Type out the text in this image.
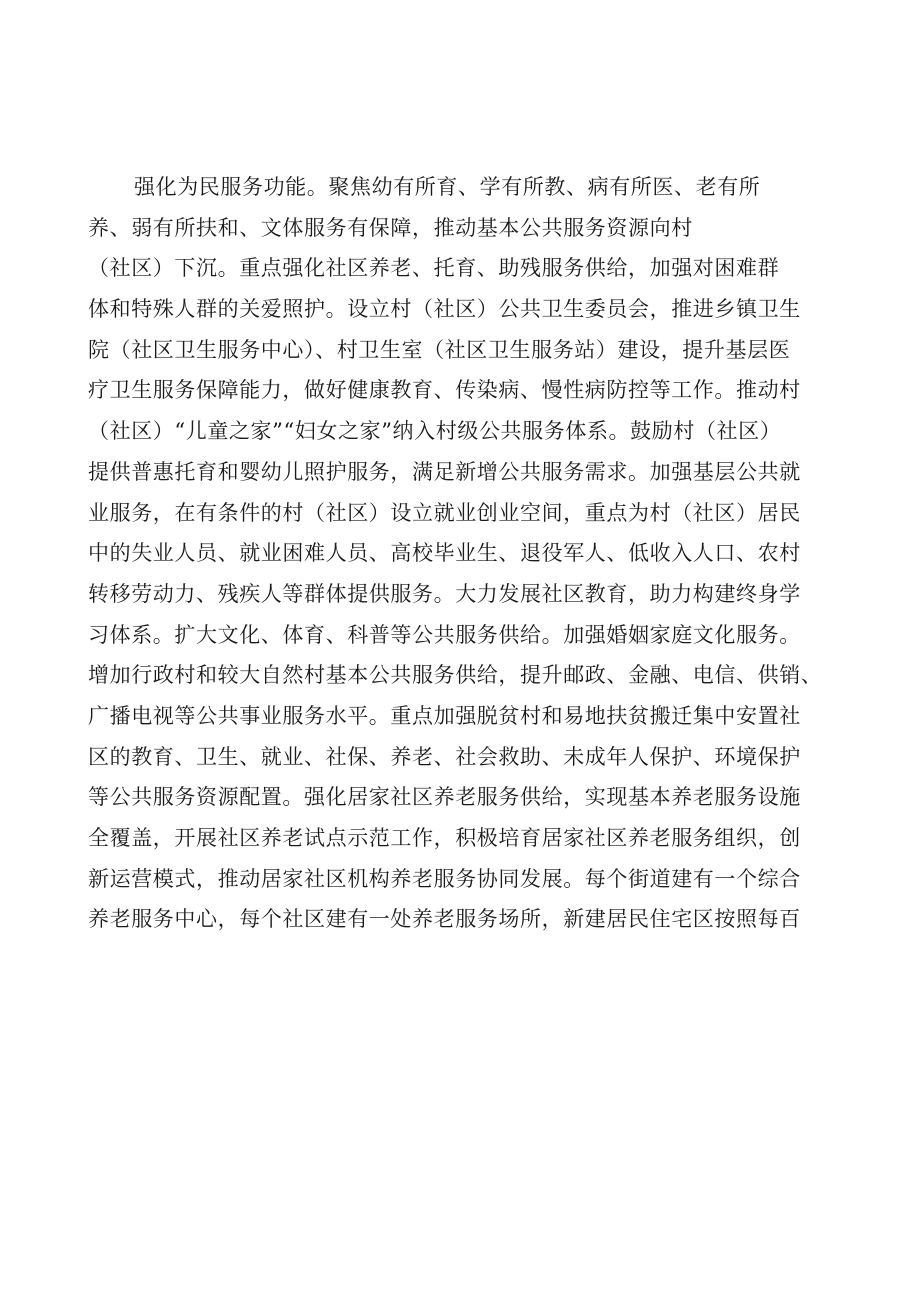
强化为民服务功能。聚焦幼有所育、学有所教、病有所医、老有所
养、弱有所扶和、文体服务有保障，推动基本公共服务资源向村
（社区）下沉。重点强化社区养老、托育、助残服务供给，加强对困难群
体和特殊人群的关爱照护。设立村（社区）公共卫生委员会，推进乡镇卫生
院（社区卫生服务中心）、村卫生室（社区卫生服务站）建设，提升基层医
疗卫生服务保障能力，做好健康教育、传染病、慢性病防控等工作。推动村
（社区）“儿童之家”“妇女之家”纳入村级公共服务体系。鼓励村（社区）
提供普惠托育和婴幼儿照护服务，满足新增公共服务需求。加强基层公共就
业服务，在有条件的村（社区）设立就业创业空间，重点为村（社区）居民
中的失业人员、就业困难人员、高校毕业生、退役军人、低收入人口、农村
转移劳动力、残疾人等群体提供服务。大力发展社区教育，助力构建终身学
习体系。扩大文化、体育、科普等公共服务供给。加强婚姻家庭文化服务。
增加行政村和较大自然村基本公共服务供给，提升邮政、金融、电信、供销、
广播电视等公共事业服务水平。重点加强脱贫村和易地扶贫搬迁集中安置社
区的教育、卫生、就业、社保、养老、社会救助、未成年人保护、环境保护
等公共服务资源配置。强化居家社区养老服务供给，实现基本养老服务设施
全覆盖，开展社区养老试点示范工作，积极培育居家社区养老服务组织，创
新运营模式，推动居家社区机构养老服务协同发展。每个街道建有一个综合
养老服务中心，每个社区建有一处养老服务场所，新建居民住宅区按照每百
